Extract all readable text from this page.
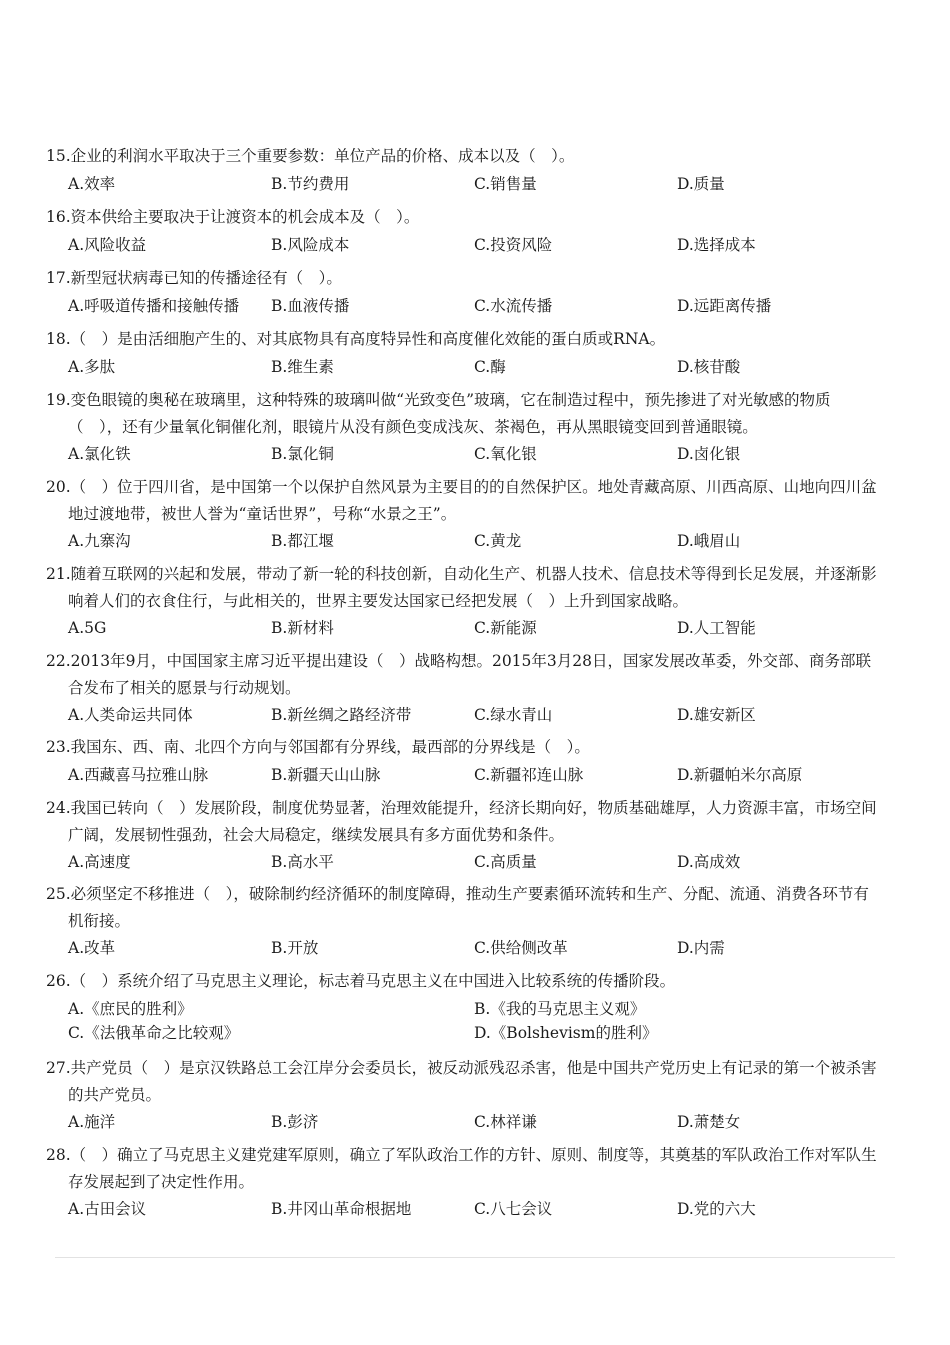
15.企业的利润水平取决于三个重要参数：单位产品的价格、成本以及（　）。
A.效率	B.节约费用	C.销售量	D.质量
16.资本供给主要取决于让渡资本的机会成本及（　）。
A.风险收益	B.风险成本	C.投资风险	D.选择成本
17.新型冠状病毒已知的传播途径有（　）。
A.呼吸道传播和接触传播 B.血液传播	C.水流传播	D.远距离传播
18.（　）是由活细胞产生的、对其底物具有高度特异性和高度催化效能的蛋白质或RNA。
A.多肽	B.维生素	C.酶	D.核苷酸
19.变色眼镜的奥秘在玻璃里，这种特殊的玻璃叫做“光致变色”玻璃，它在制造过程中，预先掺进了对光敏感的物质（　），还有少量氧化铜催化剂，眼镜片从没有颜色变成浅灰、茶褐色，再从黑眼镜变回到普通眼镜。
A.氯化铁	B.氯化铜	C.氧化银	D.卤化银
20.（　）位于四川省，是中国第一个以保护自然风景为主要目的的自然保护区。地处青藏高原、川西高原、山地向四川盆地过渡地带，被世人誉为“童话世界”，号称“水景之王”。
A.九寨沟	B.都江堰	C.黄龙	D.峨眉山
21.随着互联网的兴起和发展，带动了新一轮的科技创新，自动化生产、机器人技术、信息技术等得到长足发展，并逐渐影响着人们的衣食住行，与此相关的，世界主要发达国家已经把发展（　）上升到国家战略。
A.5G	B.新材料	C.新能源	D.人工智能
22.2013年9月，中国国家主席习近平提出建设（　）战略构想。2015年3月28日，国家发展改革委，外交部、商务部联合发布了相关的愿景与行动规划。
A.人类命运共同体	B.新丝绸之路经济带	C.绿水青山	D.雄安新区
23.我国东、西、南、北四个方向与邻国都有分界线，最西部的分界线是（　）。
A.西藏喜马拉雅山脉	B.新疆天山山脉	C.新疆祁连山脉	D.新疆帕米尔高原
24.我国已转向（　）发展阶段，制度优势显著，治理效能提升，经济长期向好，物质基础雄厚，人力资源丰富，市场空间广阔，发展韧性强劲，社会大局稳定，继续发展具有多方面优势和条件。
A.高速度	B.高水平	C.高质量	D.高成效
25.必须坚定不移推进（　），破除制约经济循环的制度障碍，推动生产要素循环流转和生产、分配、流通、消费各环节有机衔接。
A.改革	B.开放	C.供给侧改革	D.内需
26.（　）系统介绍了马克思主义理论，标志着马克思主义在中国进入比较系统的传播阶段。
A.《庶民的胜利》	B.《我的马克思主义观》
C.《法俄革命之比较观》	D.《Bolshevism的胜利》
27.共产党员（　）是京汉铁路总工会江岸分会委员长，被反动派残忍杀害，他是中国共产党历史上有记录的第一个被杀害的共产党员。
A.施洋	B.彭济	C.林祥谦	D.萧楚女
28.（　）确立了马克思主义建党建军原则，确立了军队政治工作的方针、原则、制度等，其奠基的军队政治工作对军队生存发展起到了决定性作用。
A.古田会议	B.井冈山革命根据地	C.八七会议	D.党的六大
